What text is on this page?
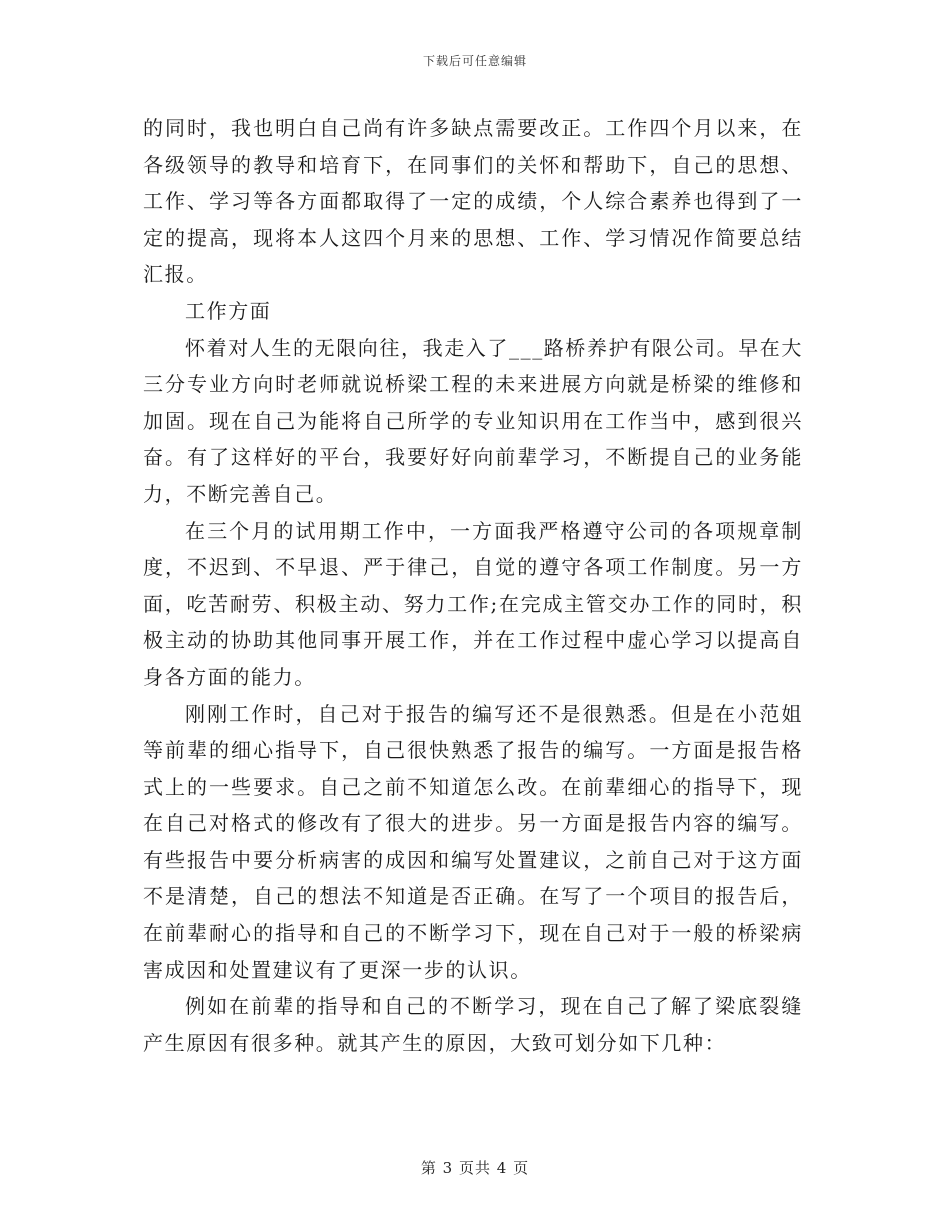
下载后可任意编辑

的同时，我也明白自己尚有许多缺点需要改正。工作四个月以来，在各级领导的教导和培育下，在同事们的关怀和帮助下，自己的思想、工作、学习等各方面都取得了一定的成绩，个人综合素养也得到了一定的提高，现将本人这四个月来的思想、工作、学习情况作简要总结汇报。

工作方面

怀着对人生的无限向往，我走入了___路桥养护有限公司。早在大三分专业方向时老师就说桥梁工程的未来进展方向就是桥梁的维修和加固。现在自己为能将自己所学的专业知识用在工作当中，感到很兴奋。有了这样好的平台，我要好好向前辈学习，不断提自己的业务能力，不断完善自己。

在三个月的试用期工作中，一方面我严格遵守公司的各项规章制度，不迟到、不早退、严于律己，自觉的遵守各项工作制度。另一方面，吃苦耐劳、积极主动、努力工作;在完成主管交办工作的同时，积极主动的协助其他同事开展工作，并在工作过程中虚心学习以提高自身各方面的能力。

刚刚工作时，自己对于报告的编写还不是很熟悉。但是在小范姐等前辈的细心指导下，自己很快熟悉了报告的编写。一方面是报告格式上的一些要求。自己之前不知道怎么改。在前辈细心的指导下，现在自己对格式的修改有了很大的进步。另一方面是报告内容的编写。有些报告中要分析病害的成因和编写处置建议，之前自己对于这方面不是清楚，自己的想法不知道是否正确。在写了一个项目的报告后，在前辈耐心的指导和自己的不断学习下，现在自己对于一般的桥梁病害成因和处置建议有了更深一步的认识。

例如在前辈的指导和自己的不断学习，现在自己了解了梁底裂缝产生原因有很多种。就其产生的原因，大致可划分如下几种：

第 3 页共 4 页
